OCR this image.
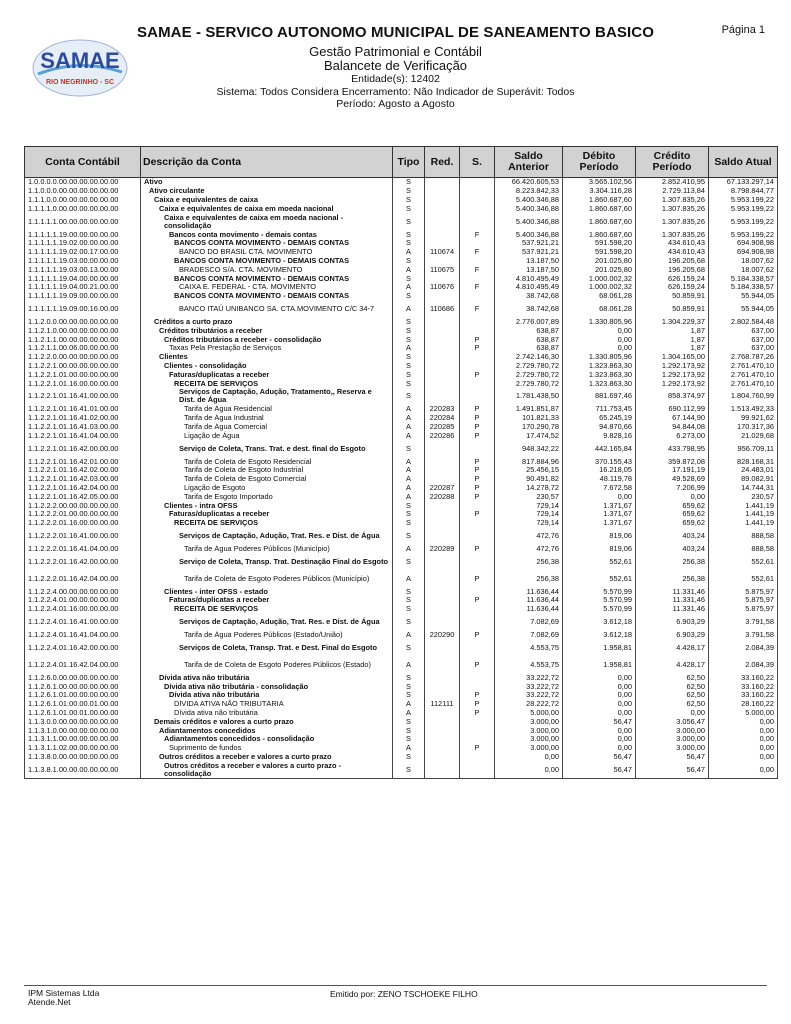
SAMAE
RIO NEGRINHO - SC
Página 1
SAMAE - SERVICO AUTONOMO MUNICIPAL DE SANEAMENTO BASICO
Gestão Patrimonial e Contábil
Balancete de Verificação
Entidade(s): 12402
Sistema: Todos Considera Encerramento: Não Indicador de Superávit: Todos
Período: Agosto a Agosto
Conta Contábil	Descrição da Conta	Tipo	Red.	S.	Saldo Anterior	Débito Período	Crédito Período	Saldo Atual
1.0.0.0.0.00.00.00.00.00.00	Ativo	S			66.420.605,53	3.565.102,56	2.852.410,95	67.133.297,14
1.1.0.0.0.00.00.00.00.00.00	Ativo circulante	S			8.223.842,33	3.304.116,28	2.729.113,84	8.798.844,77
1.1.1.0.0.00.00.00.00.00.00	Caixa e equivalentes de caixa	S			5.400.346,88	1.860.687,60	1.307.835,26	5.953.199,22
1.1.1.1.0.00.00.00.00.00.00	Caixa e equivalentes de caixa em moeda nacional	S			5.400.346,88	1.860.687,60	1.307.835,26	5.953.199,22
1.1.1.1.1.00.00.00.00.00.00	Caixa e equivalentes de caixa em moeda nacional - consolidação	S			5.400.346,88	1.860.687,60	1.307.835,26	5.953.199,22
1.1.1.1.1.19.00.00.00.00.00	Bancos conta movimento - demais contas	S		F	5.400.346,88	1.860.687,60	1.307.835,26	5.953.199,22
1.1.1.1.1.19.02.00.00.00.00	BANCOS CONTA MOVIMENTO - DEMAIS CONTAS	S			537.921,21	591.598,20	434.610,43	694.908,98
1.1.1.1.1.19.02.00.17.00.00	BANCO DO BRASIL CTA. MOVIMENTO	A	110674	F	537.921,21	591.598,20	434.610,43	694.908,98
1.1.1.1.1.19.03.00.00.00.00	BANCOS CONTA MOVIMENTO - DEMAIS CONTAS	S			13.187,50	201.025,80	196.205,68	18.007,62
1.1.1.1.1.19.03.00.13.00.00	BRADESCO S/A. CTA. MOVIMENTO	A	110675	F	13.187,50	201.025,80	196.205,68	18.007,62
1.1.1.1.1.19.04.00.00.00.00	BANCOS CONTA MOVIMENTO - DEMAIS CONTAS	S			4.810.495,49	1.000.002,32	626.159,24	5.184.338,57
1.1.1.1.1.19.04.00.21.00.00	CAIXA E. FEDERAL - CTA. MOVIMENTO	A	110676	F	4.810.495,49	1.000.002,32	626.159,24	5.184.338,57
1.1.1.1.1.19.09.00.00.00.00	BANCOS CONTA MOVIMENTO - DEMAIS CONTAS	S			38.742,68	68.061,28	50.859,91	55.944,05
1.1.1.1.1.19.09.00.16.00.00	BANCO ITAÚ UNIBANCO SA. CTA.MOVIMENTO C/C 34-7	A	110686	F	38.742,68	68.061,28	50.859,91	55.944,05
1.1.2.0.0.00.00.00.00.00.00	Créditos a curto prazo	S			2.776.007,89	1.330.805,96	1.304.229,37	2.802.584,48
1.1.2.1.0.00.00.00.00.00.00	Créditos tributários a receber	S			638,87	0,00	1,87	637,00
1.1.2.1.1.00.00.00.00.00.00	Créditos tributários a receber - consolidação	S		P	638,87	0,00	1,87	637,00
1.1.2.1.1.00.06.00.00.00.00	Taxas Pela Prestação de Serviços	A		P	638,87	0,00	1,87	637,00
1.1.2.2.0.00.00.00.00.00.00	Clientes	S			2.742.146,30	1.330.805,96	1.304.165,00	2.768.787,26
1.1.2.2.1.00.00.00.00.00.00	Clientes - consolidação	S			2.729.780,72	1.323.863,30	1.292.173,92	2.761.470,10
1.1.2.2.1.01.00.00.00.00.00	Faturas/duplicatas a receber	S		P	2.729.780,72	1.323.863,30	1.292.173,92	2.761.470,10
1.1.2.2.1.01.16.00.00.00.00	RECEITA DE SERVIÇOS	S			2.729.780,72	1.323.863,30	1.292.173,92	2.761.470,10
1.1.2.2.1.01.16.41.00.00.00	Serviços de Captação, Adução, Tratamento,, Reserva e Dist. de Água	S			1.781.438,50	881.697,46	858.374,97	1.804.760,99
1.1.2.2.1.01.16.41.01.00.00	Tarifa de Água Residencial	A	220283	P	1.491.851,87	711.753,45	690.112,99	1.513.492,33
1.1.2.2.1.01.16.41.02.00.00	Tarifa de Água Industrial	A	220284	P	101.821,33	65.245,19	67.144,90	99.921,62
1.1.2.2.1.01.16.41.03.00.00	Tarifa de Água Comercial	A	220285	P	170.290,78	94.870,66	94.844,08	170.317,36
1.1.2.2.1.01.16.41.04.00.00	Ligação de Água	A	220286	P	17.474,52	9.828,16	6.273,00	21.029,68
1.1.2.2.1.01.16.42.00.00.00	Serviço de Coleta, Trans. Trat. e dest. final do Esgoto	S			948.342,22	442.165,84	433.798,95	956.709,11
1.1.2.2.1.01.16.42.01.00.00	Tarifa de Coleta de Esgoto Residencial	A		P	817.884,96	370.155,43	359.872,08	828.168,31
1.1.2.2.1.01.16.42.02.00.00	Tarifa de Coleta de Esgoto Industrial	A		P	25.456,15	16.218,05	17.191,19	24.483,01
1.1.2.2.1.01.16.42.03.00.00	Tarifa de Coleta de Esgoto Comercial	A		P	90.491,82	48.119,78	49.528,69	89.082,91
1.1.2.2.1.01.16.42.04.00.00	Ligação de Esgoto	A	220287	P	14.278,72	7.672,58	7.206,99	14.744,31
1.1.2.2.1.01.16.42.05.00.00	Tarifa de Esgoto Importado	A	220288	P	230,57	0,00	0,00	230,57
1.1.2.2.2.00.00.00.00.00.00	Clientes - intra OFSS	S			729,14	1.371,67	659,62	1.441,19
1.1.2.2.2.01.00.00.00.00.00	Faturas/duplicatas a receber	S		P	729,14	1.371,67	659,62	1.441,19
1.1.2.2.2.01.16.00.00.00.00	RECEITA DE SERVIÇOS	S			729,14	1.371,67	659,62	1.441,19
1.1.2.2.2.01.16.41.00.00.00	Serviços de Captação, Adução, Trat. Res. e Dist. de Água	S			472,76	819,06	403,24	888,58
1.1.2.2.2.01.16.41.04.00.00	Tarifa de Água Poderes Públicos (Município)	A	220289	P	472,76	819,06	403,24	888,58
1.1.2.2.2.01.16.42.00.00.00	Serviço de Coleta, Transp. Trat. Destinação Final do Esgoto	S			256,38	552,61	256,38	552,61
1.1.2.2.2.01.16.42.04.00.00	Tarifa de Coleta de Esgoto Poderes Públicos (Município)	A		P	256,38	552,61	256,38	552,61
1.1.2.2.4.00.00.00.00.00.00	Clientes - inter OFSS - estado	S			11.636,44	5.570,99	11.331,46	5.875,97
1.1.2.2.4.01.00.00.00.00.00	Faturas/duplicatas a receber	S		P	11.636,44	5.570,99	11.331,46	5.875,97
1.1.2.2.4.01.16.00.00.00.00	RECEITA DE SERVIÇOS	S			11.636,44	5.570,99	11.331,46	5.875,97
1.1.2.2.4.01.16.41.00.00.00	Serviços de Captação, Adução, Trat. Res. e Dist. de Água	S			7.082,69	3.612,18	6.903,29	3.791,58
1.1.2.2.4.01.16.41.04.00.00	Tarifa de Água Poderes Públicos (Estado/União)	A	220290	P	7.082,69	3.612,18	6.903,29	3.791,58
1.1.2.2.4.01.16.42.00.00.00	Serviços de Coleta, Transp. Trat. e Dest. Final do Esgoto	S			4.553,75	1.958,81	4.428,17	2.084,39
1.1.2.2.4.01.16.42.04.00.00	Tarifa de de Coleta de Esgoto Poderes Públicos (Estado)	A		P	4.553,75	1.958,81	4.428,17	2.084,39
1.1.2.6.0.00.00.00.00.00.00	Dívida ativa não tributária	S			33.222,72	0,00	62,50	33.160,22
1.1.2.6.1.00.00.00.00.00.00	Dívida ativa não tributária - consolidação	S			33.222,72	0,00	62,50	33.160,22
1.1.2.6.1.01.00.00.00.00.00	Dívida ativa não tributária	S		P	33.222,72	0,00	62,50	33.160,22
1.1.2.6.1.01.00.00.01.00.00	DÍVIDA ATIVA NÃO TRIBUTÁRIA	A	112111	P	28.222,72	0,00	62,50	28.160,22
1.1.2.6.1.01.00.01.00.00.00	Dívida ativa não tributária	A		P	5.000,00	0,00	0,00	5.000,00
1.1.3.0.0.00.00.00.00.00.00	Demais créditos e valores a curto prazo	S			3.000,00	56,47	3.056,47	0,00
1.1.3.1.0.00.00.00.00.00.00	Adiantamentos concedidos	S			3.000,00	0,00	3.000,00	0,00
1.1.3.1.1.00.00.00.00.00.00	Adiantamentos concedidos - consolidação	S			3.000,00	0,00	3.000,00	0,00
1.1.3.1.1.02.00.00.00.00.00	Suprimento de fundos	A		P	3.000,00	0,00	3.000,00	0,00
1.1.3.8.0.00.00.00.00.00.00	Outros créditos a receber e valores a curto prazo	S			0,00	56,47	56,47	0,00
1.1.3.8.1.00.00.00.00.00.00	Outros créditos a receber e valores a curto prazo - consolidação	S			0,00	56,47	56,47	0,00
IPM Sistemas Ltda
Atende.Net
Emitido por: ZENO TSCHOEKE FILHO
